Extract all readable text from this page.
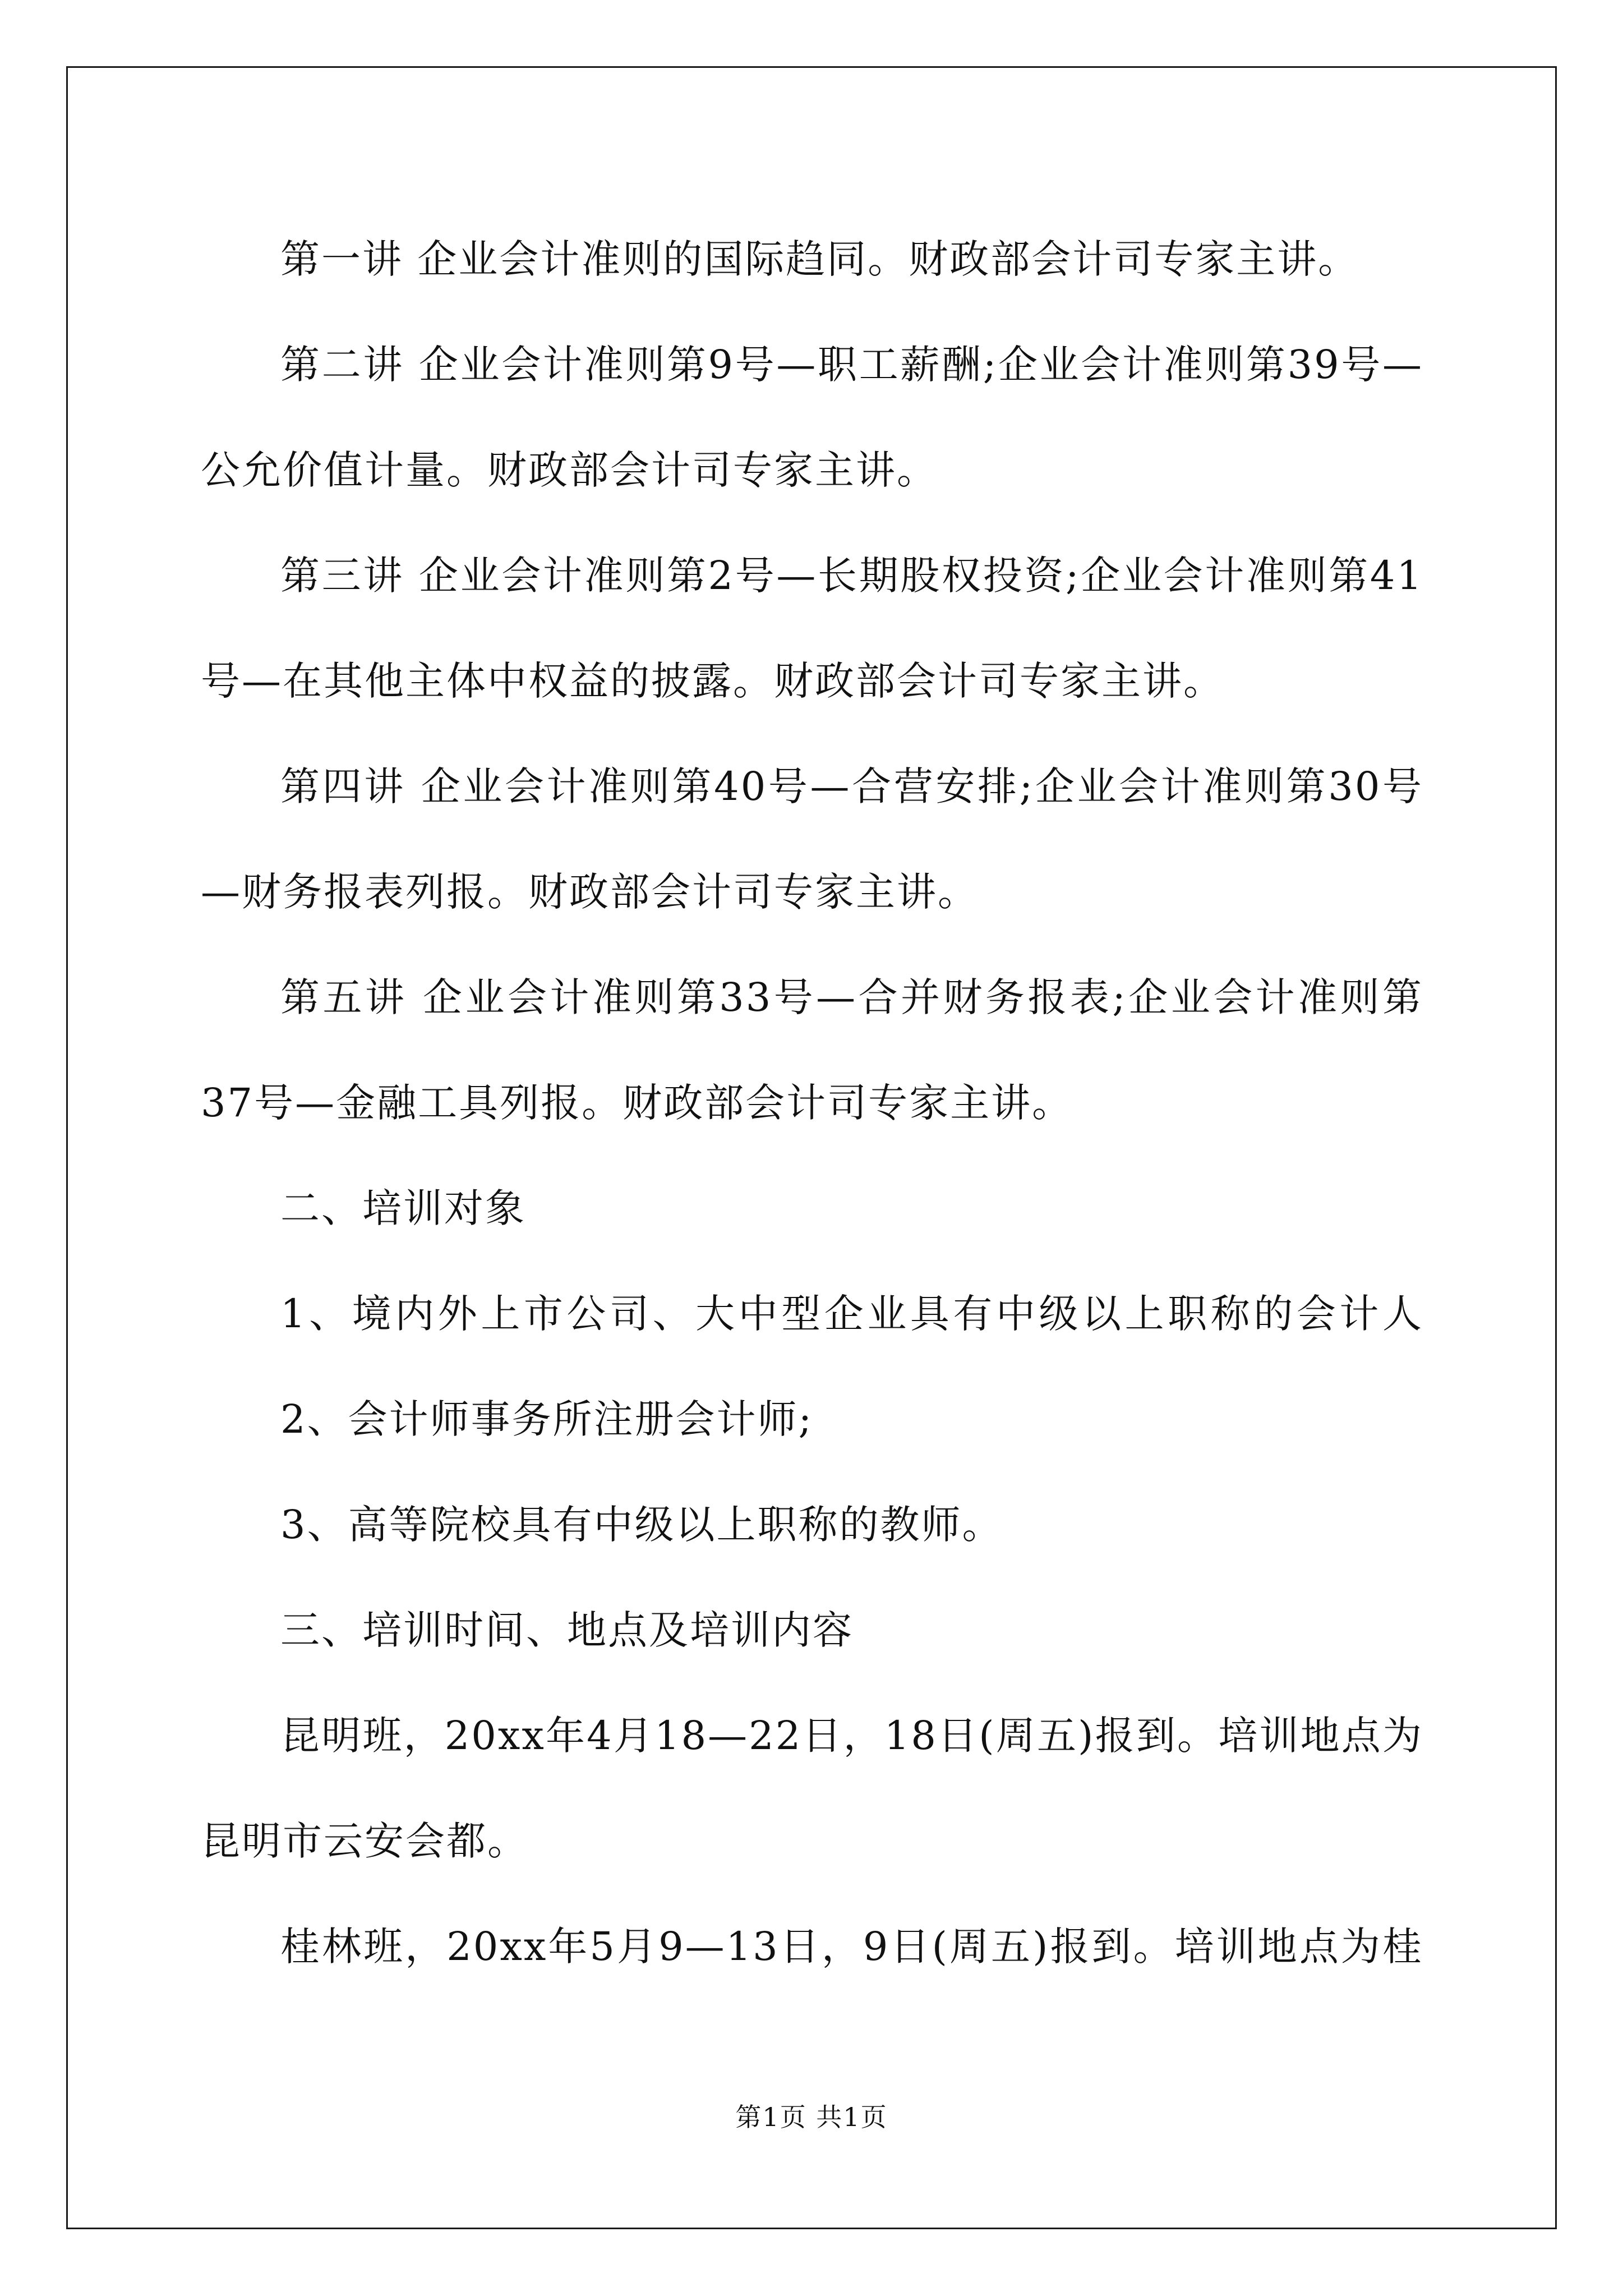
第一讲 企业会计准则的国际趋同。财政部会计司专家主讲。
第二讲 企业会计准则第9号—职工薪酬;企业会计准则第39号—
公允价值计量。财政部会计司专家主讲。
第三讲 企业会计准则第2号—长期股权投资;企业会计准则第41
号—在其他主体中权益的披露。财政部会计司专家主讲。
第四讲 企业会计准则第40号—合营安排;企业会计准则第30号
—财务报表列报。财政部会计司专家主讲。
第五讲 企业会计准则第33号—合并财务报表;企业会计准则第
37号—金融工具列报。财政部会计司专家主讲。
二、培训对象
1、境内外上市公司、大中型企业具有中级以上职称的会计人
2、会计师事务所注册会计师;
3、高等院校具有中级以上职称的教师。
三、培训时间、地点及培训内容
昆明班，20xx年4月18—22日，18日(周五)报到。培训地点为
昆明市云安会都。
桂林班，20xx年5月9—13日，9日(周五)报到。培训地点为桂
第1页 共1页
